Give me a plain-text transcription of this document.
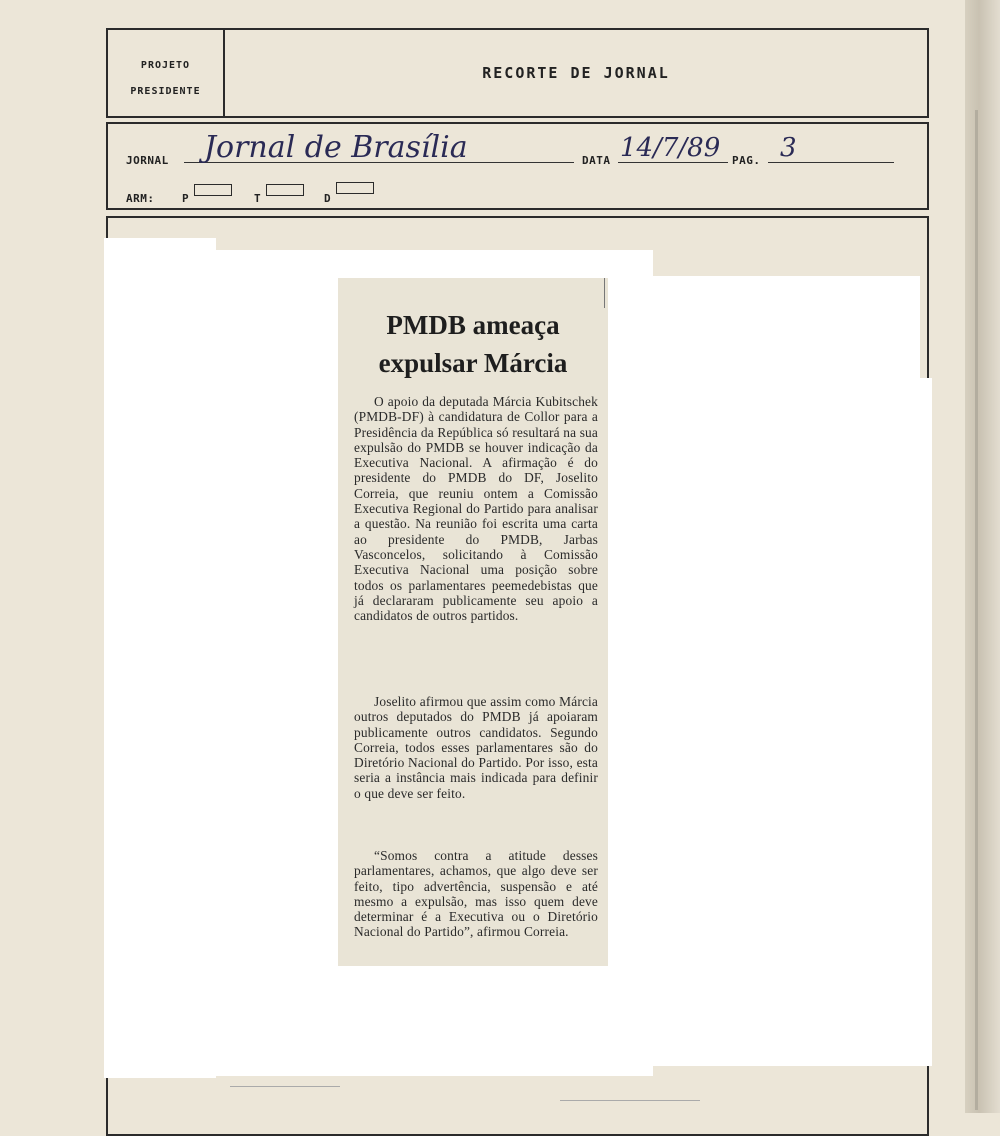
PROJETO
PRESIDENTE
RECORTE DE JORNAL
JORNAL Jornal de Brasília	DATA 14/7/89 PAG. 3
ARM:	P	T	D
PMDB ameaça
expulsar Márcia

O apoio da deputada Márcia Kubitschek (PMDB-DF) à candidatura de Collor para a Presidência da República só resultará na sua expulsão do PMDB se houver indicação da Executiva Nacional. A afirmação é do presidente do PMDB do DF, Joselito Correia, que reuniu ontem a Comissão Executiva Regional do Partido para analisar a questão. Na reunião foi escrita uma carta ao presidente do PMDB, Jarbas Vasconcelos, solicitando à Comissão Executiva Nacional uma posição sobre todos os parlamentares peemedebistas que já declararam publicamente seu apoio a candidatos de outros partidos.

Joselito afirmou que assim como Márcia outros deputados do PMDB já apoiaram publicamente outros candidatos. Segundo Correia, todos esses parlamentares são do Diretório Nacional do Partido. Por isso, esta seria a instância mais indicada para definir o que deve ser feito.

“Somos contra a atitude desses parlamentares, achamos, que algo deve ser feito, tipo advertência, suspensão e até mesmo a expulsão, mas isso quem deve determinar é a Executiva ou o Diretório Nacional do Partido”, afirmou Correia.
